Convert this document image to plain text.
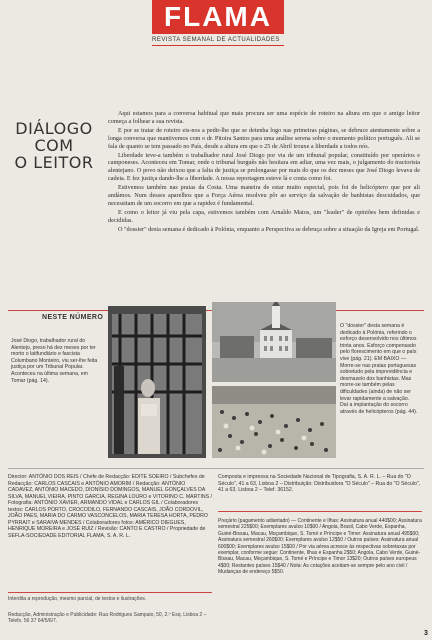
FLAMA
REVISTA SEMANAL DE ACTUALIDADES
DIÁLOGO
COM
O LEITOR

Aqui estamos para a conversa habitual que mais procura ser uma espécie de roteiro na altura em que o amigo leitor começa a folhear a sua revista.

E por se tratar de roteiro eis-nos a pedir-lhe que se detenha logo nas primeiras páginas, se debruce atentamente sobre a longa conversa que mantivemos com o dr. Pitoira Santos para uma análise serena sobre o momento político português. Ali se fala de quanto se tem passado no País, desde a altura em que o 25 de Abril trouxe a liberdade a todos nós.

Liberdade teve-a também o trabalhador rural José Diogo por via de um tribunal popular, constituído por operários e camponeses. Aconteceu em Tomar, onde o tribunal burguês não hesitara em adiar, uma vez mais, o julgamento do tractorista alentejano. O povo não deixou que a falta de justiça se prolongasse por mais do que os dez meses que José Diogo levava de cadeia. E fez justiça dando-lhe a liberdade. A nossa reportagem esteve lá e conta como foi.

Estivemos também nas praias da Costa. Uma maneira de estar muito especial, pois foi de helicóptero que por ali andámos. Num desses aparelhos que a Força Aérea resolveu pôr ao serviço da salvação de banhistas descuidados, que necessitam de um socorro em que a rapidez é fundamental.

E como o leitor já viu pela capa, estivemos também com Arnaldo Matos, um "leader" de opiniões bem definidas e decididas.

O "dossier" desta semana é dedicado à Polónia, enquanto a Perspectiva se debruça sobre a situação da Igreja em Portugal.

NESTE NÚMERO
José Diogo, trabalhador rural do Alentejo, preso há dez meses por ter morto o latifundiário e fascista Columbano Monteiro, viu ser-lhe feita justiça por um Tribunal Popular. Aconteceu na última semana, em Tomar (pág. 14).
O "dossier" desta semana é dedicado à Polónia, referindo o esforço desenvolvido nos últimos trinta anos. Esforço compensado pelo florescimento em que o país vive (pág. 21). EM BAIXO — Morre-se nas praias portuguesas sobretudo pela imprevidência e desmazelo dos banhistas. Mas morre-se também pelas dificuldades (ainda) de não ser levar rapidamente a salvação. Daí a implantação do socorro através de helicópteros (pág. 44).
Director: ANTÓNIO DOS REIS / Chefe de Redacção: EDITE SOEIRO / Subchefes de Redacção: CARLOS CASCAIS e ANTÓNIO AMORIM / Redacção: ANTÓNIO CADAVEZ, ANTÓNIO MACEDO, DIONÍSIO DOMINGOS, MANUEL GONÇALVES DA SILVA, MANUEL VIEIRA, PINTO GARCIA, REGINA LOURO e VITORINO C. MARTINS / Fotografia: ANTÓNIO XAVIER, ARMANDO VIDAL e CARLOS GIL / Colaboradores textos: CARLOS PORTO, CROCODILO, FERNANDO CASCAIS, JOÃO CORDOVIL, JOÃO PAES, MARIA DO CARMO VASCONCELOS, MARIA TERESA HORTA, PEDRO PYRRAIT e SARAIVA MENDES / Colaboradores fotos: AMÉRICO DIEGUES, HENRIQUE MOREIRA e JOSÉ RUIZ / Revisão: CANTO E CASTRO / Propriedade de SEFLA-SOCIEDADE EDITORIAL FLAMA, S. A. R. L.
Interdita a reprodução, mesmo parcial, de textos e ilustrações.
Redacção, Administração e Publicidade: Rua Rodrigues Sampaio, 50, 2.º Esq. Lisboa 2 – Telefs. 56 37 64/5/6/7.
Composta e impressa na Sociedade Nacional de Tipografia, S. A. R. L. – Rua do "O Século", 41 a 63, Lisboa 2 – Distribuição: Distribuidora "O Século" – Rua do "O Século", 41 a 63, Lisboa 2 – Telef. 36152.
Preçário (pagamento adiantado) — Continente e Ilhas: Assinatura anual 440$00; Assinatura semestral 225$00; Exemplares avulso 10$00 / Angola, Brasil, Cabo Verde, Espanha, Guiné-Bissau, Macau, Moçambique, S. Tomé e Príncipe e Timor: Assinatura anual 495$00; Assinatura semestral 260$00; Exemplares avulso 12$50 / Outros países: Assinatura anual 600$00; Exemplares avulso 15$00 / Por via aérea acresce às respectivas sobretaxas por exemplar, conforme segue: Continente, Ilhas e Espanha 2$50; Angola, Cabo Verde, Guiné-Bissau, Macau, Moçambique, S. Tomé e Príncipe e Timor 13$20; Outros países europeus 4$00; Restantes países 15$40 / Nota: As cotações aceitam-se sempre pelo ano civil / Mudanças de endereço 5$50.
3
